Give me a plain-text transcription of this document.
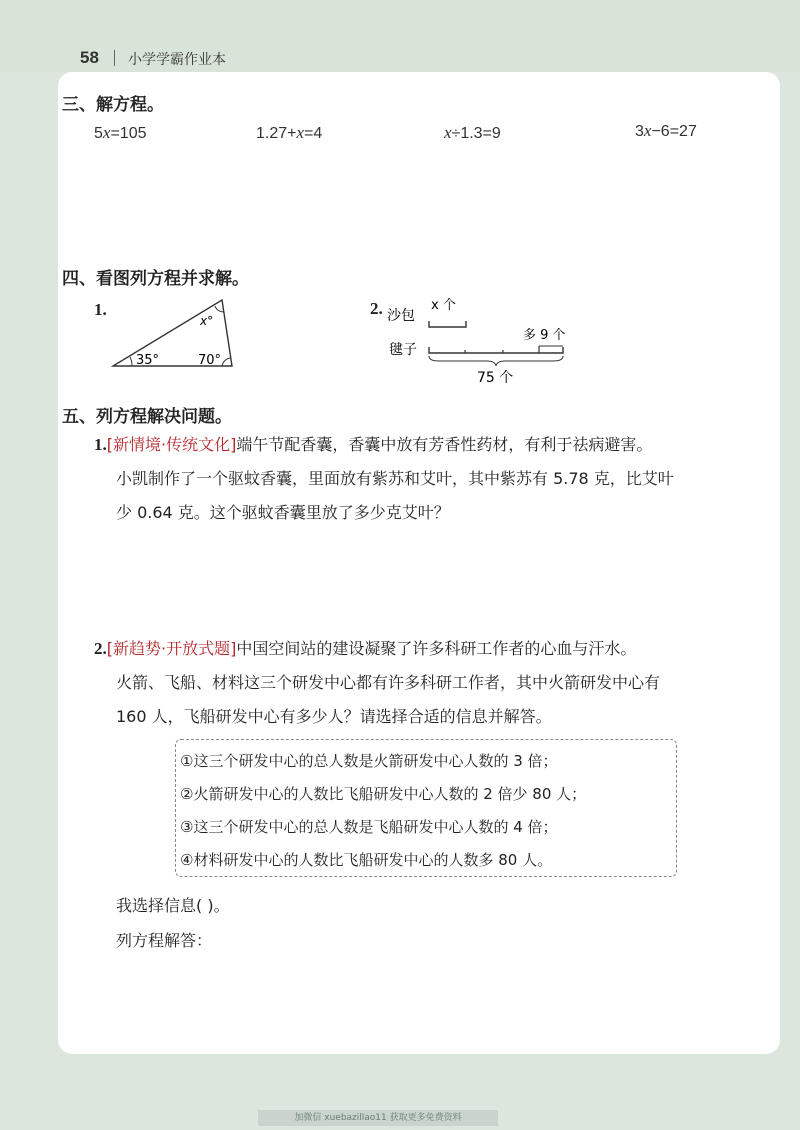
58 小学学霸作业本
三、解方程。
5x=105	1.27+x=4	x÷1.3=9	3x−6=27
四、看图列方程并求解。
1.
x°
35°	70°
2. 沙包
x 个
多 9 个
毽子
75 个
五、列方程解决问题。
1.[新情境·传统文化]端午节配香囊，香囊中放有芳香性药材，有利于祛病避害。
小凯制作了一个驱蚊香囊，里面放有紫苏和艾叶，其中紫苏有 5.78 克，比艾叶
少 0.64 克。这个驱蚊香囊里放了多少克艾叶？
2.[新趋势·开放式题]中国空间站的建设凝聚了许多科研工作者的心血与汗水。
火箭、飞船、材料这三个研发中心都有许多科研工作者，其中火箭研发中心有
160 人，飞船研发中心有多少人？请选择合适的信息并解答。
①这三个研发中心的总人数是火箭研发中心人数的 3 倍；
②火箭研发中心的人数比飞船研发中心人数的 2 倍少 80 人；
③这三个研发中心的总人数是飞船研发中心人数的 4 倍；
④材料研发中心的人数比飞船研发中心的人数多 80 人。
我选择信息( )。
列方程解答：
加微信 xuebazillao11 获取更多免费资料
